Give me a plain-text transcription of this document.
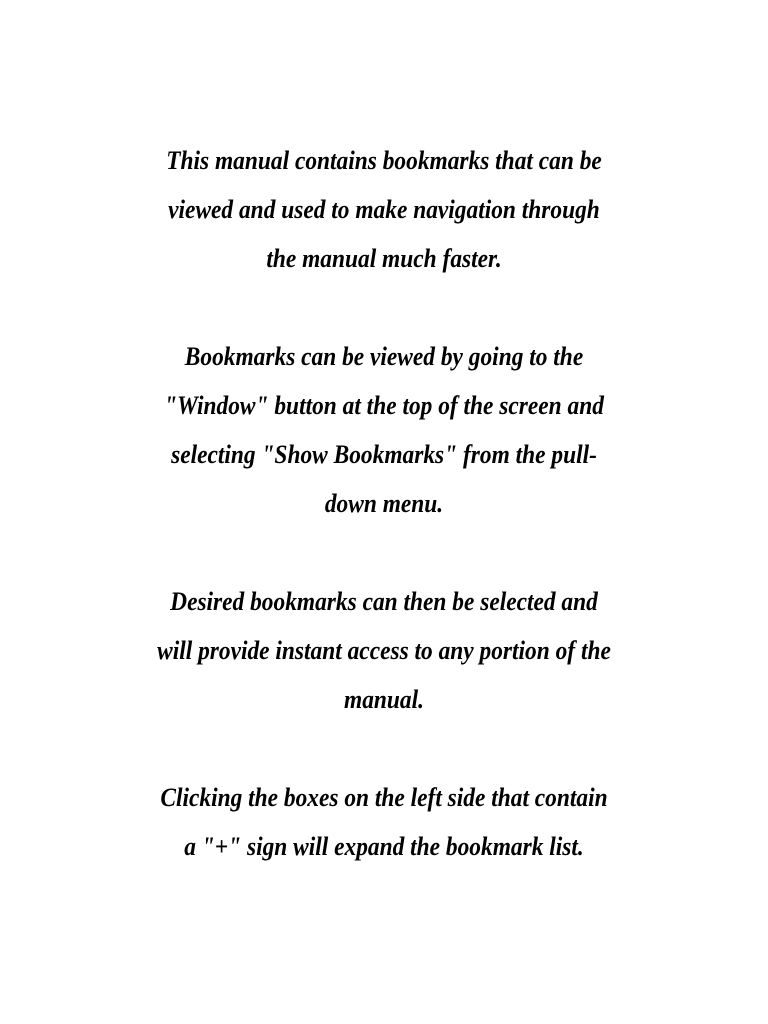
This manual contains bookmarks that can be
viewed and used to make navigation through
the manual much faster.

Bookmarks can be viewed by going to the
"Window" button at the top of the screen and
selecting "Show Bookmarks" from the pull-
down menu.

Desired bookmarks can then be selected and
will provide instant access to any portion of the
manual.

Clicking the boxes on the left side that contain
a "+" sign will expand the bookmark list.
